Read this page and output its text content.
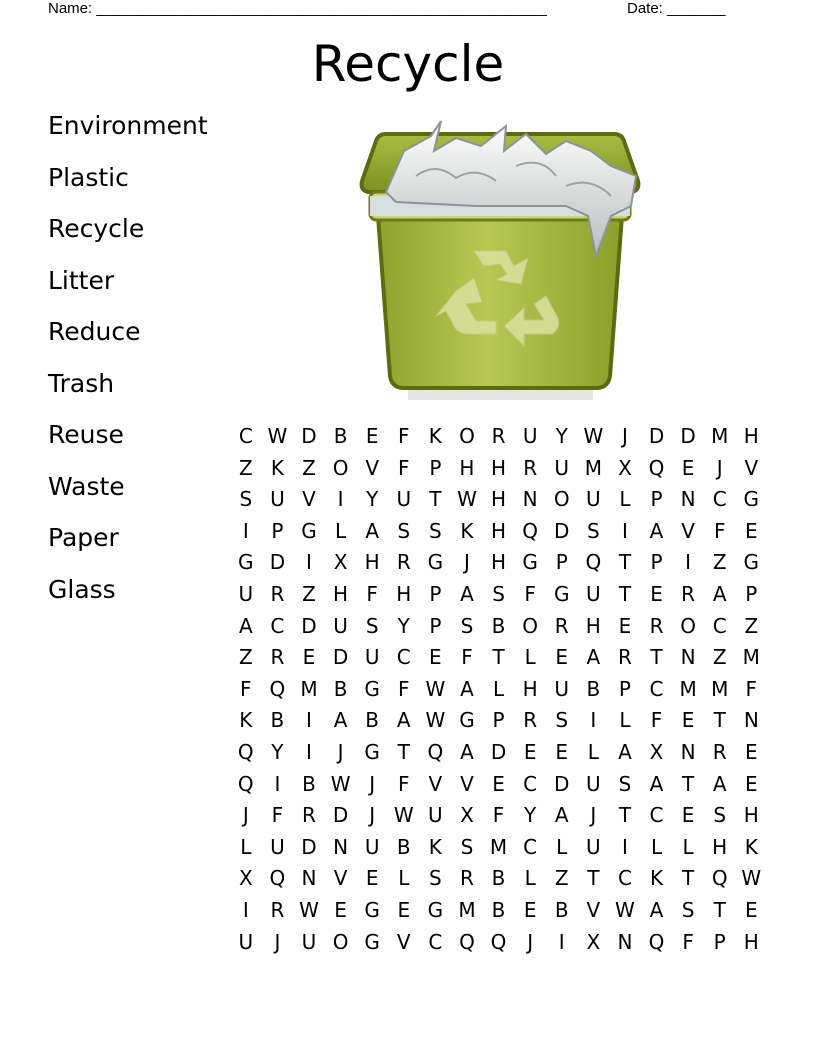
Name: ______________________________________________________	Date: _______
Recycle
Environment
Plastic
Recycle
Litter
Reduce
Trash
Reuse
Waste
Paper
Glass
C W D B E F K O R U Y W J	D D M H
Z K Z O V F P H H R U M X Q E	J	V
S U V	I	Y U T W H N O U L P N C G
I	P G L A S S K H Q D S	I	A V F E
G D	I	X H R G	J	H G P Q T P	I	Z G
U R Z H F H P A S F G U T E R A P
A C D U S Y P S B O R H E R O C Z
Z R E D U C E F T L E A R T N Z M
F Q M B G F W A L H U B P C M M F
K B	I	A B A W G P R S	I	L	F E T N
Q Y	I	J	G T Q A D E E L A X N R E
Q	I	B W J	F V V E C D U S A T A E
J	F R D	J W U X F Y A	J	T C E S H
L U D N U B K S M C L U	I	L	L H K
X Q N V E L S R B L Z T C K T Q W
I	R W E G E G M B E B V W A S T E
U	J	U O G V C Q Q	J	I	X N Q F P H
